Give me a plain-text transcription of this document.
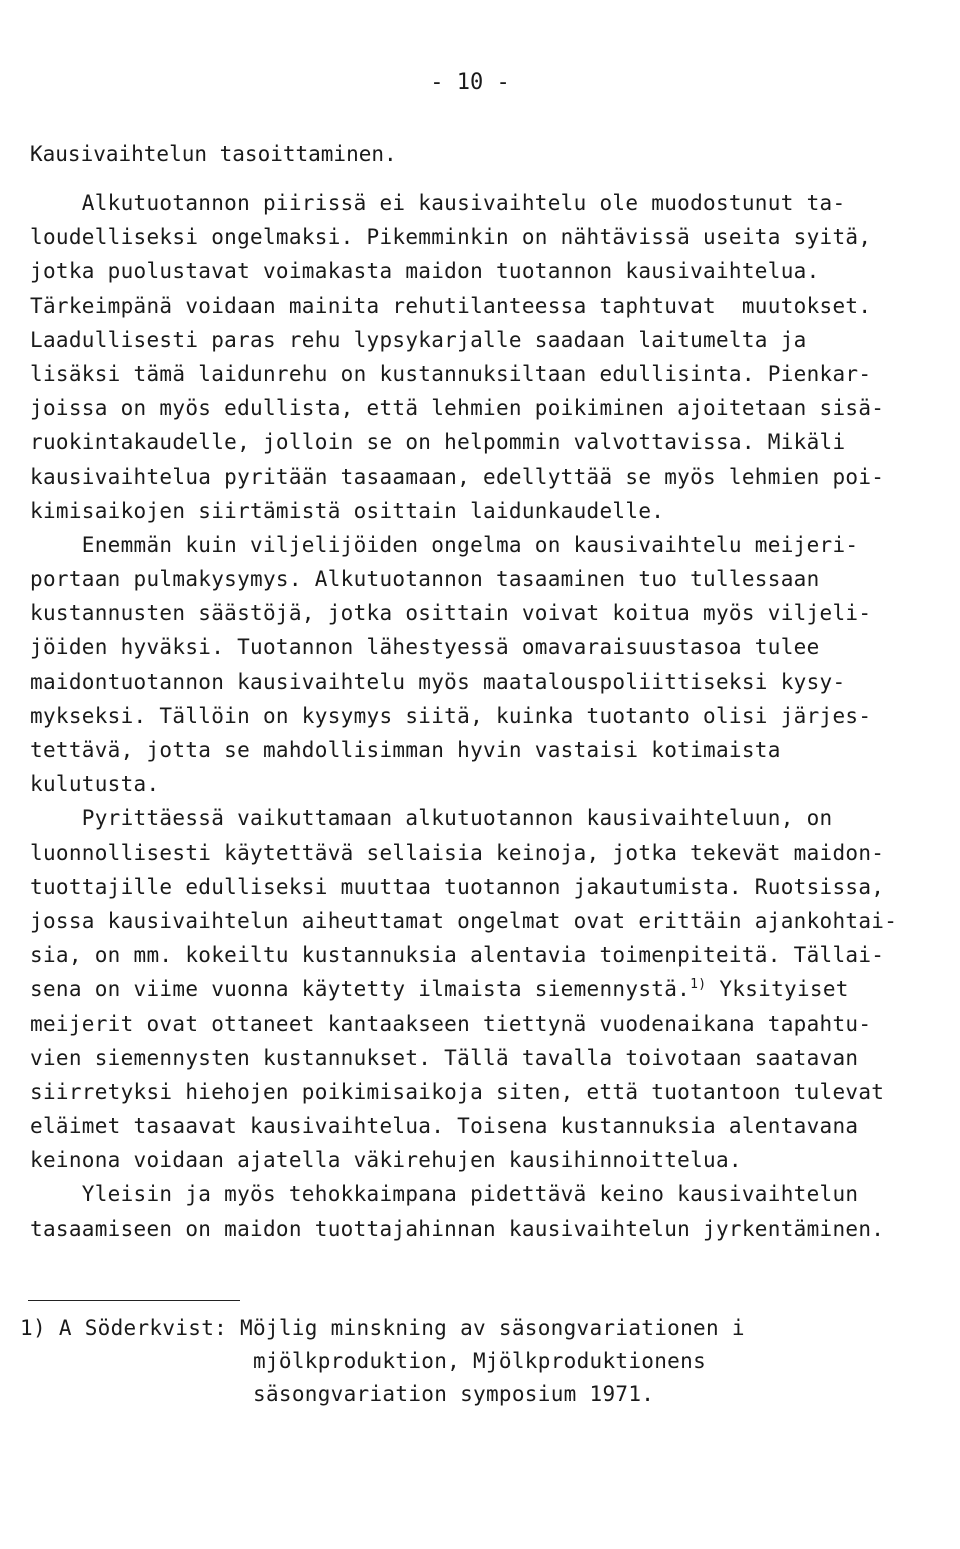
- 10 -
Kausivaihtelun tasoittaminen.
Alkutuotannon piirissä ei kausivaihtelu ole muodostunut ta-
loudelliseksi ongelmaksi. Pikemminkin on nähtävissä useita syitä,
jotka puolustavat voimakasta maidon tuotannon kausivaihtelua.
Tärkeimpänä voidaan mainita rehutilanteessa taphtuvat  muutokset.
Laadullisesti paras rehu lypsykarjalle saadaan laitumelta ja
lisäksi tämä laidunrehu on kustannuksiltaan edullisinta. Pienkar-
joissa on myös edullista, että lehmien poikiminen ajoitetaan sisä-
ruokintakaudelle, jolloin se on helpommin valvottavissa. Mikäli
kausivaihtelua pyritään tasaamaan, edellyttää se myös lehmien poi-
kimisaikojen siirtämistä osittain laidunkaudelle.
Enemmän kuin viljelijöiden ongelma on kausivaihtelu meijeri-
portaan pulmakysymys. Alkutuotannon tasaaminen tuo tullessaan
kustannusten säästöjä, jotka osittain voivat koitua myös viljeli-
jöiden hyväksi. Tuotannon lähestyessä omavaraisuustasoa tulee
maidontuotannon kausivaihtelu myös maatalouspoliittiseksi kysy-
mykseksi. Tällöin on kysymys siitä, kuinka tuotanto olisi järjes-
tettävä, jotta se mahdollisimman hyvin vastaisi kotimaista
kulutusta.
Pyrittäessä vaikuttamaan alkutuotannon kausivaihteluun, on
luonnollisesti käytettävä sellaisia keinoja, jotka tekevät maidon-
tuottajille edulliseksi muuttaa tuotannon jakautumista. Ruotsissa,
jossa kausivaihtelun aiheuttamat ongelmat ovat erittäin ajankohtai-
sia, on mm. kokeiltu kustannuksia alentavia toimenpiteitä. Tällai-
sena on viime vuonna käytetty ilmaista siemennystä.$^{1)}$ Yksityiset
meijerit ovat ottaneet kantaakseen tiettynä vuodenaikana tapahtu-
vien siemennysten kustannukset. Tällä tavalla toivotaan saatavan
siirretyksi hiehojen poikimisaikoja siten, että tuotantoon tulevat
eläimet tasaavat kausivaihtelua. Toisena kustannuksia alentavana
keinona voidaan ajatella väkirehujen kausihinnoittelua.
Yleisin ja myös tehokkaimpana pidettävä keino kausivaihtelun
tasaamiseen on maidon tuottajahinnan kausivaihtelun jyrkentäminen.
1) A Söderkvist: Möjlig minskning av säsongvariationen i
mjölkproduktion, Mjölkproduktionens
säsongvariation symposium 1971.
